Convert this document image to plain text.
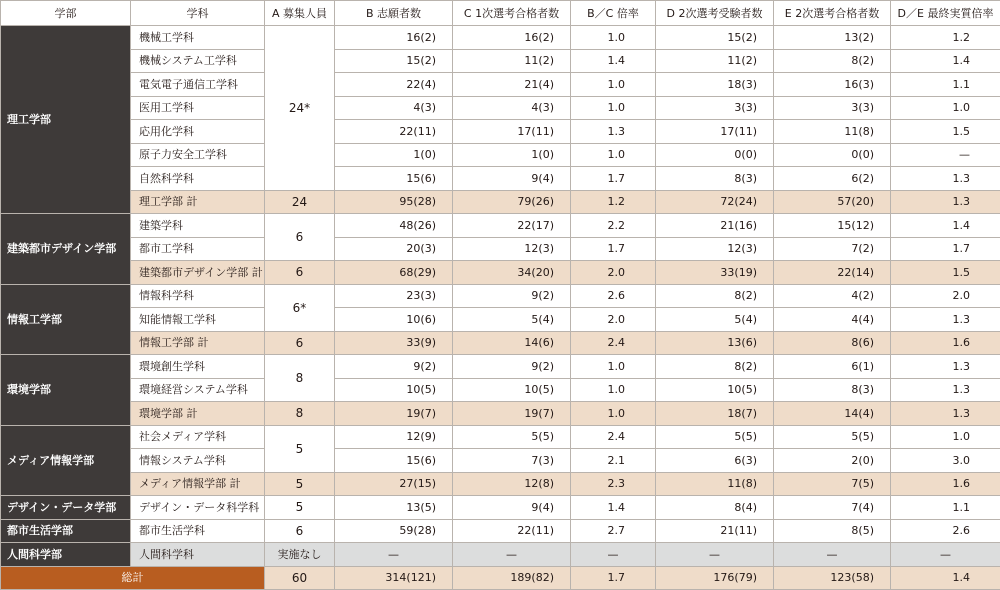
学部	学科	A 募集人員	B 志願者数	C 1次選考合格者数	B／C 倍率	D 2次選考受験者数	E 2次選考合格者数	D／E 最終実質倍率
理工学部	機械工学科	24*	16(2)	16(2)	1.0	15(2)	13(2)	1.2
	機械システム工学科		15(2)	11(2)	1.4	11(2)	8(2)	1.4
	電気電子通信工学科		22(4)	21(4)	1.0	18(3)	16(3)	1.1
	医用工学科		4(3)	4(3)	1.0	3(3)	3(3)	1.0
	応用化学科		22(11)	17(11)	1.3	17(11)	11(8)	1.5
	原子力安全工学科		1(0)	1(0)	1.0	0(0)	0(0)	—
	自然科学科		15(6)	9(4)	1.7	8(3)	6(2)	1.3
	理工学部 計	24	95(28)	79(26)	1.2	72(24)	57(20)	1.3
建築都市デザイン学部	建築学科	6	48(26)	22(17)	2.2	21(16)	15(12)	1.4
	都市工学科		20(3)	12(3)	1.7	12(3)	7(2)	1.7
	建築都市デザイン学部 計	6	68(29)	34(20)	2.0	33(19)	22(14)	1.5
情報工学部	情報科学科	6*	23(3)	9(2)	2.6	8(2)	4(2)	2.0
	知能情報工学科		10(6)	5(4)	2.0	5(4)	4(4)	1.3
	情報工学部 計	6	33(9)	14(6)	2.4	13(6)	8(6)	1.6
環境学部	環境創生学科	8	9(2)	9(2)	1.0	8(2)	6(1)	1.3
	環境経営システム学科		10(5)	10(5)	1.0	10(5)	8(3)	1.3
	環境学部 計	8	19(7)	19(7)	1.0	18(7)	14(4)	1.3
メディア情報学部	社会メディア学科	5	12(9)	5(5)	2.4	5(5)	5(5)	1.0
	情報システム学科		15(6)	7(3)	2.1	6(3)	2(0)	3.0
	メディア情報学部 計	5	27(15)	12(8)	2.3	11(8)	7(5)	1.6
デザイン・データ学部	デザイン・データ科学科	5	13(5)	9(4)	1.4	8(4)	7(4)	1.1
都市生活学部	都市生活学科	6	59(28)	22(11)	2.7	21(11)	8(5)	2.6
人間科学部	人間科学科	実施なし	—	—	—	—	—	—
総計		60	314(121)	189(82)	1.7	176(79)	123(58)	1.4
